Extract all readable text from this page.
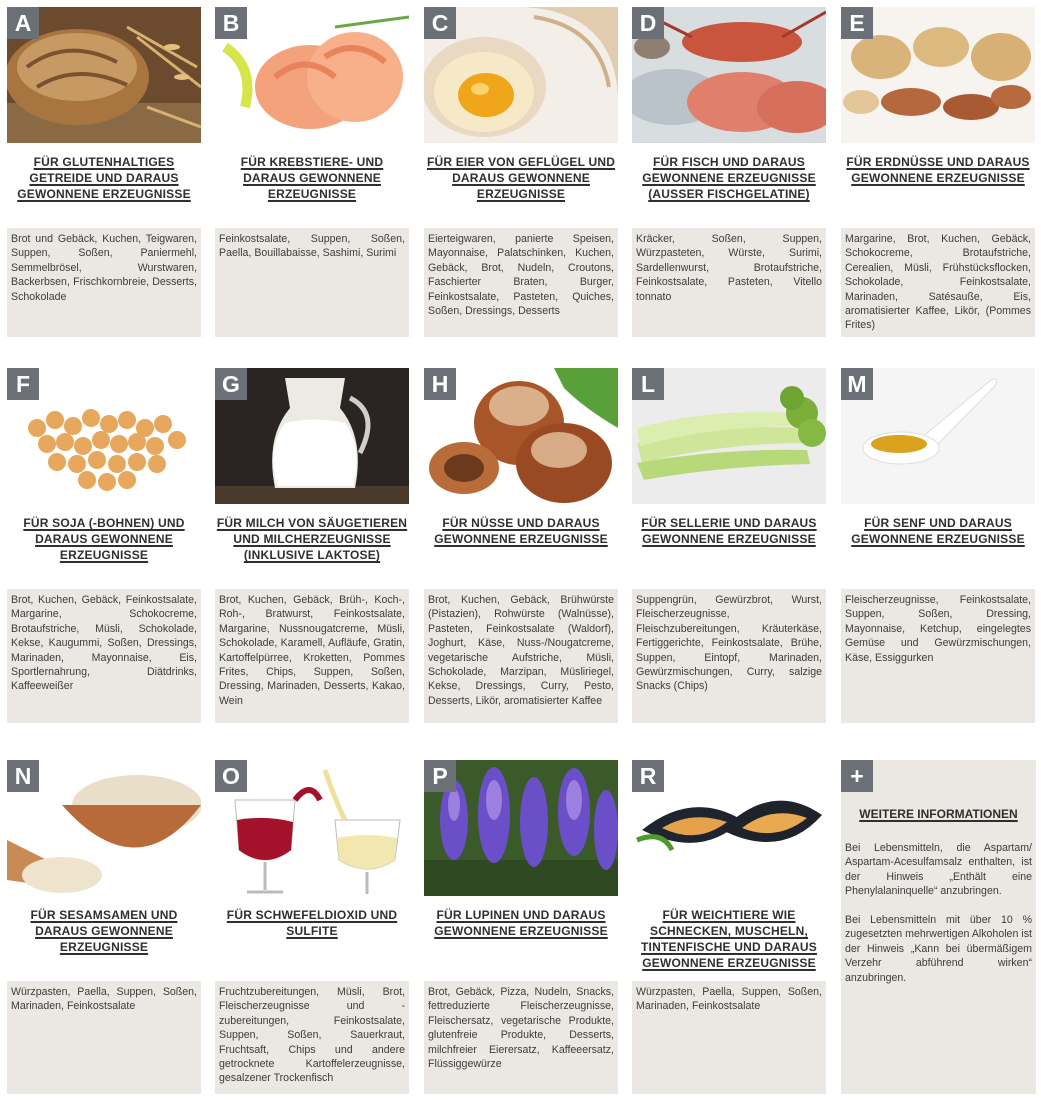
A
FÜR GLUTENHALTIGES GETREIDE UND DARAUS GEWONNENE ERZEUGNISSE
Brot und Gebäck, Kuchen, Teigwaren, Suppen, Soßen, Paniermehl, Semmelbrösel, Wurstwaren, Backerbsen, Frischkornbreie, Desserts, Schokolade
B
FÜR KREBSTIERE- UND DARAUS GEWONNENE ERZEUGNISSE
Feinkostsalate, Suppen, Soßen, Paella, Bouillabaisse, Sashimi, Surimi
C
FÜR EIER VON GEFLÜGEL UND DARAUS GEWONNENE ERZEUGNISSE
Eierteigwaren, panierte Speisen, Mayonnaise, Palatschinken, Kuchen, Gebäck, Brot, Nudeln, Croutons, Faschierter Braten, Burger, Feinkostsalate, Pasteten, Quiches, Soßen, Dressings, Desserts
D
FÜR FISCH UND DARAUS GEWONNENE ERZEUGNISSE (AUSSER FISCHGELATINE)
Kräcker, Soßen, Suppen, Würzpasteten, Würste, Surimi, Sardellenwurst, Brotaufstriche, Feinkostsalate, Pasteten, Vitello tonnato
E
FÜR ERDNÜSSE UND DARAUS GEWONNENE ERZEUGNISSE
Margarine, Brot, Kuchen, Gebäck, Schokocreme, Brotaufstriche, Cerealien, Müsli, Frühstücksflocken, Schokolade, Feinkostsalate, Marinaden, Satésauße, Eis, aromatisierter Kaffee, Likör, (Pommes Frites)
F
FÜR SOJA (-BOHNEN) UND DARAUS GEWONNENE ERZEUGNISSE
Brot, Kuchen, Gebäck, Feinkostsalate, Margarine, Schokocreme, Brotaufstriche, Müsli, Schokolade, Kekse, Kaugummi, Soßen, Dressings, Marinaden, Mayonnaise, Eis, Sportlernahrung, Diätdrinks, Kaffeeweißer
G
FÜR MILCH VON SÄUGETIEREN UND MILCHERZEUGNISSE (INKLUSIVE LAKTOSE)
Brot, Kuchen, Gebäck, Brüh-, Koch-, Roh-, Bratwurst, Feinkostsalate, Margarine, Nussnougatcreme, Müsli, Schokolade, Karamell, Aufläufe, Gratin, Kartoffelpürree, Kroketten, Pommes Frites, Chips, Suppen, Soßen, Dressing, Marinaden, Desserts, Kakao, Wein
H
FÜR NÜSSE UND DARAUS GEWONNENE ERZEUGNISSE
Brot, Kuchen, Gebäck, Brühwürste (Pistazien), Rohwürste (Walnüsse), Pasteten, Feinkostsalate (Waldorf), Joghurt, Käse, Nuss-/Nougatcreme, vegetarische Aufstriche, Müsli, Schokolade, Marzipan, Müsliriegel, Kekse, Dressings, Curry, Pesto, Desserts, Likör, aromatisierter Kaffee
L
FÜR SELLERIE UND DARAUS GEWONNENE ERZEUGNISSE
Suppengrün, Gewürzbrot, Wurst, Fleischerzeugnisse, Fleischzubereitungen, Kräuterkäse, Fertiggerichte, Feinkostsalate, Brühe, Suppen, Eintopf, Marinaden, Gewürzmischungen, Curry, salzige Snacks (Chips)
M
FÜR SENF UND DARAUS GEWONNENE ERZEUGNISSE
Fleischerzeugnisse, Feinkostsalate, Suppen, Soßen, Dressing, Mayonnaise, Ketchup, eingelegtes Gemüse und Gewürzmischungen, Käse, Essiggurken
N
FÜR SESAMSAMEN UND DARAUS GEWONNENE ERZEUGNISSE
Würzpasten, Paella, Suppen, Soßen, Marinaden, Feinkostsalate
O
FÜR SCHWEFELDIOXID UND SULFITE
Fruchtzubereitungen, Müsli, Brot, Fleischerzeugnisse und -zubereitungen, Feinkostsalate, Suppen, Soßen, Sauerkraut, Fruchtsaft, Chips und andere getrocknete Kartoffelerzeugnisse, gesalzener Trockenfisch
P
FÜR LUPINEN UND DARAUS GEWONNENE ERZEUGNISSE
Brot, Gebäck, Pizza, Nudeln, Snacks, fettreduzierte Fleischerzeugnisse, Fleischersatz, vegetarische Produkte, glutenfreie Produkte, Desserts, milchfreier Eierersatz, Kaffeeersatz, Flüssiggewürze
R
FÜR WEICHTIERE WIE SCHNECKEN, MUSCHELN, TINTENFISCHE UND DARAUS GEWONNENE ERZEUGNISSE
Würzpasten, Paella, Suppen, Soßen, Marinaden, Feinkostsalate
+
WEITERE INFORMATIONEN
Bei Lebensmitteln, die Aspartam/ Aspartam-Acesulfamsalz enthalten, ist der Hinweis „Enthält eine Phenylalaninquelle“ anzubringen.
Bei Lebensmitteln mit über 10 % zugesetzten mehrwertigen Alkoholen ist der Hinweis „Kann bei übermäßigem Verzehr abführend wirken“ anzubringen.
